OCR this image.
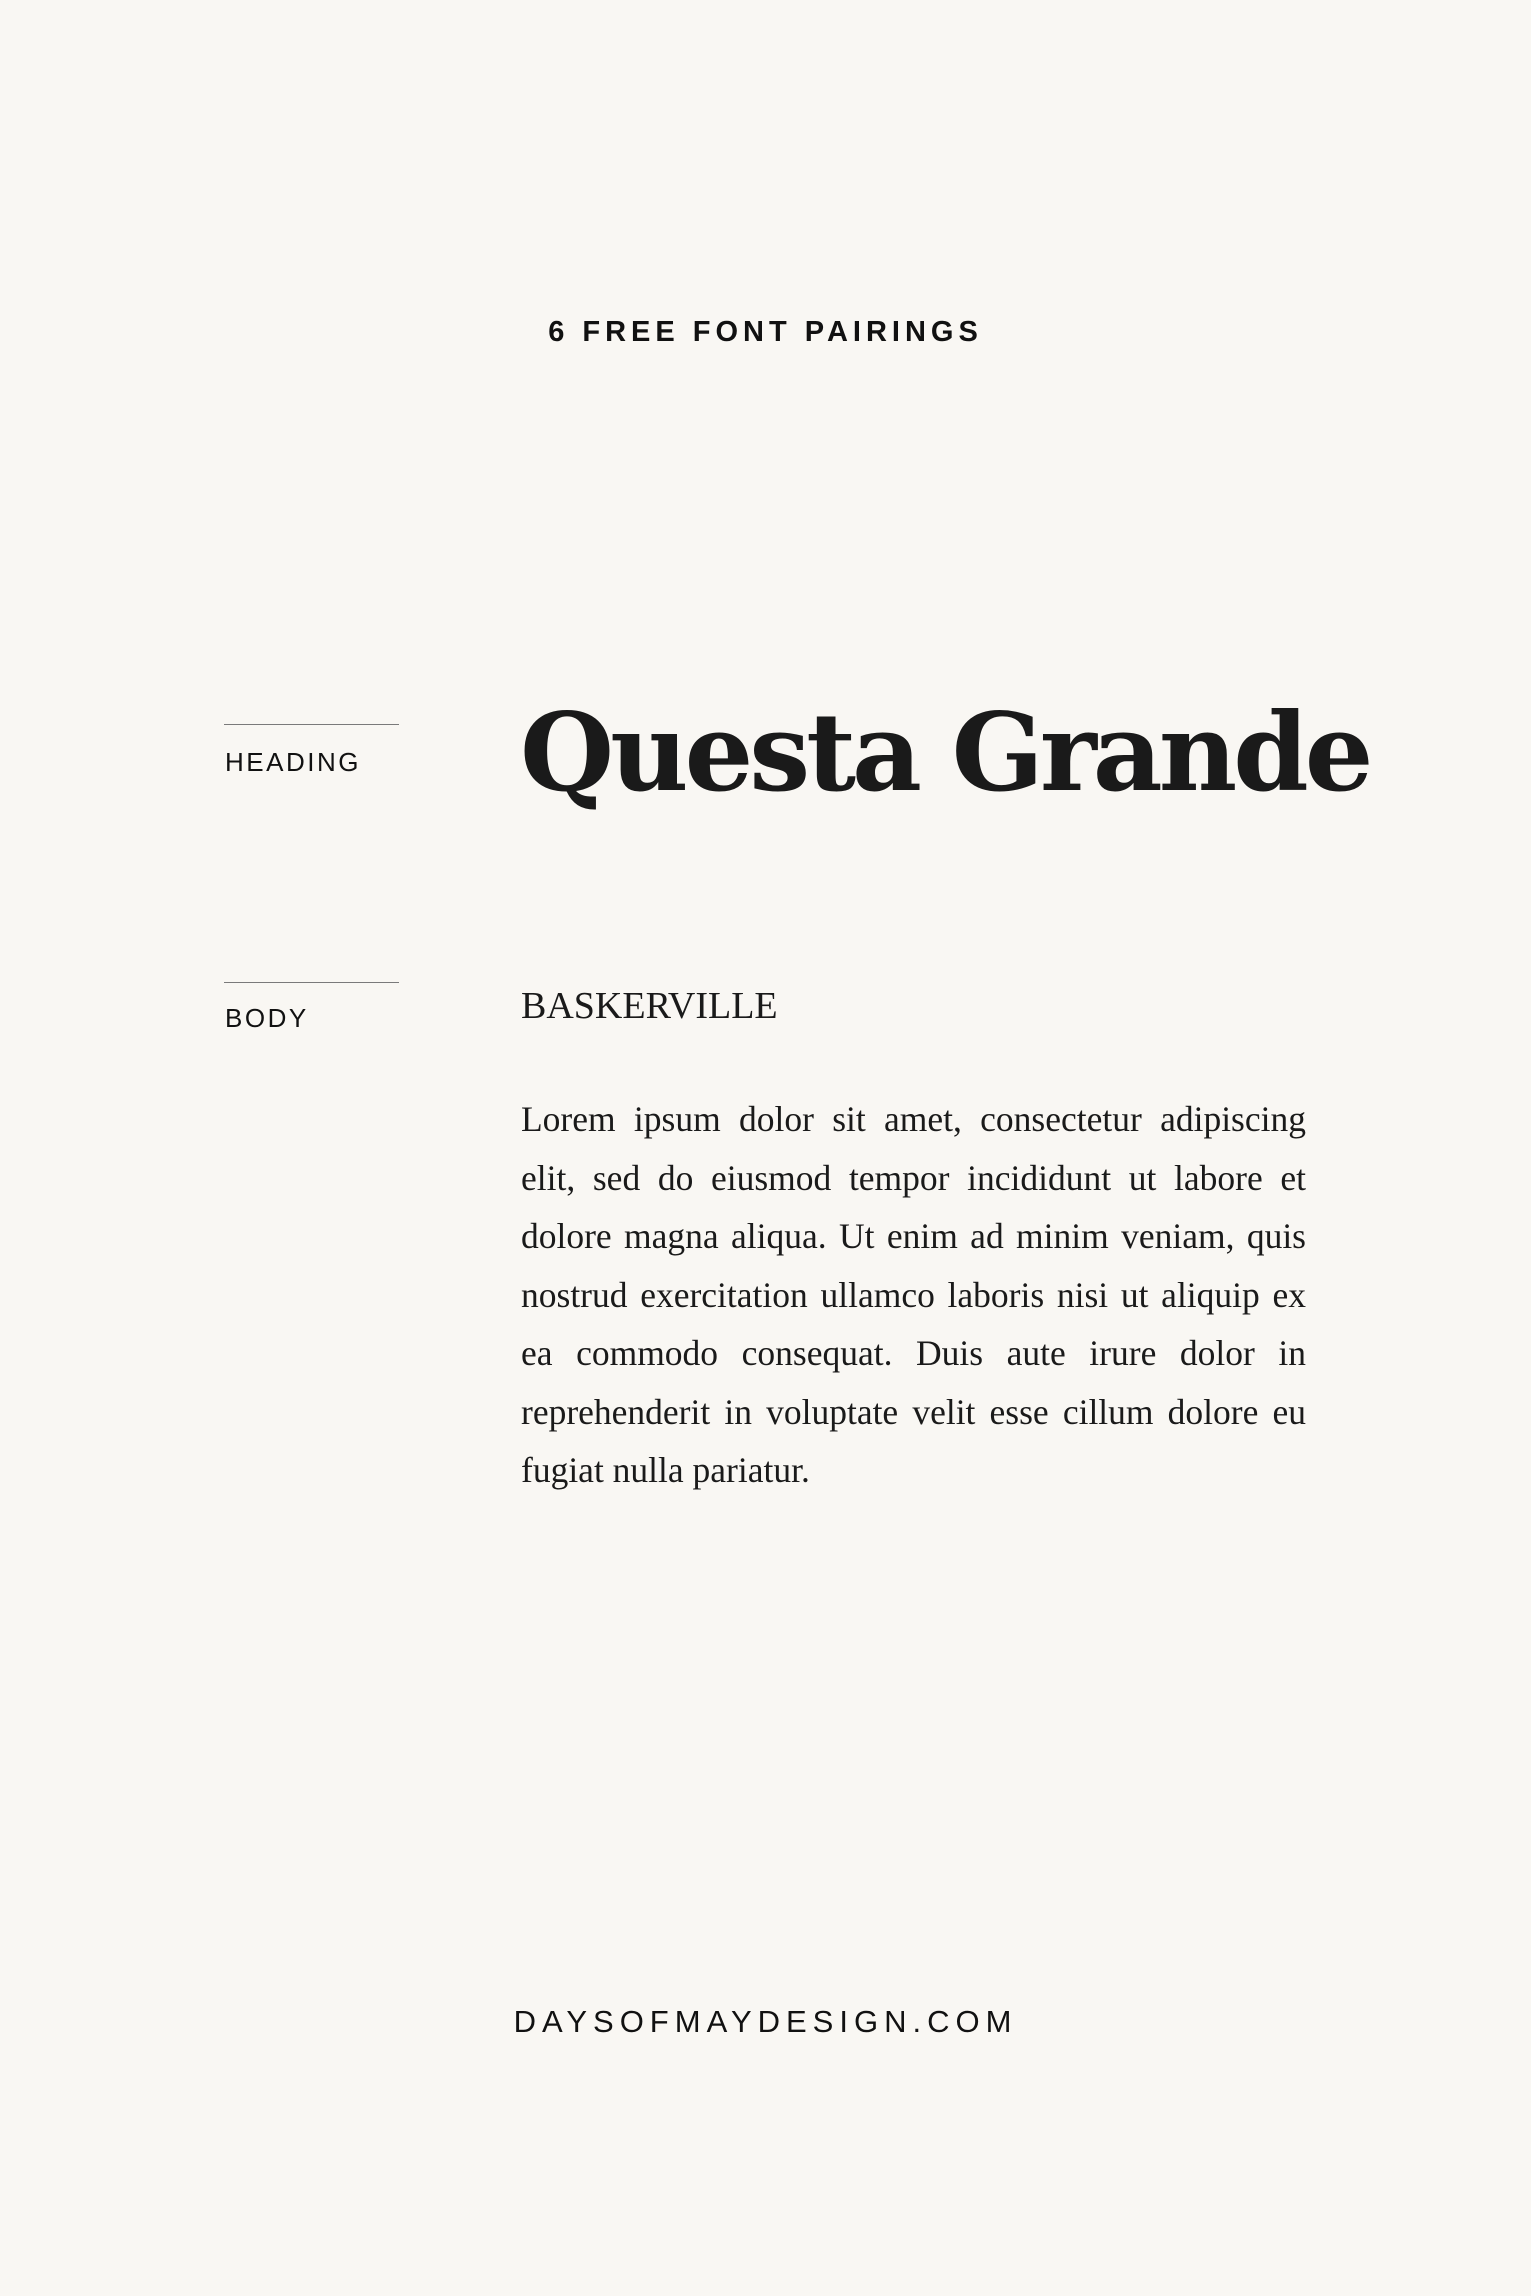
6 FREE FONT PAIRINGS
HEADING Questa Grande
BODY	BASKERVILLE
Lorem ipsum dolor sit amet, consectetur adipiscing elit, sed do eiusmod tempor incididunt ut labore et dolore magna aliqua. Ut enim ad minim veniam, quis nostrud exercitation ullamco laboris nisi ut aliquip ex ea commodo consequat. Duis aute irure dolor in reprehenderit in voluptate velit esse cillum dolore eu fugiat nulla pariatur.
DAYSOFMAYDESIGN.COM
